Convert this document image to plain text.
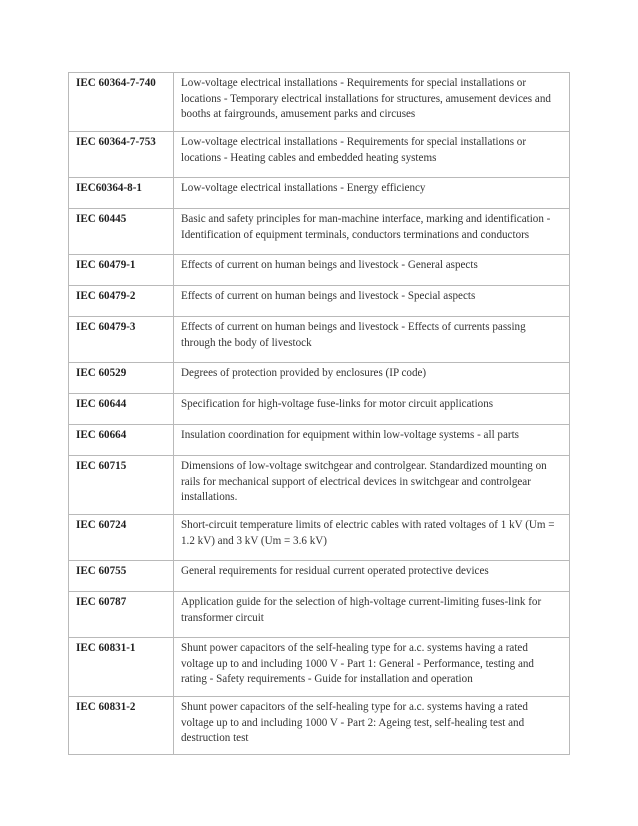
IEC 60364-7-740	Low-voltage electrical installations - Requirements for special installations or locations - Temporary electrical installations for structures, amusement devices and booths at fairgrounds, amusement parks and circuses

IEC 60364-7-753	Low-voltage electrical installations - Requirements for special installations or locations - Heating cables and embedded heating systems

IEC60364-8-1	Low-voltage electrical installations - Energy efficiency

IEC 60445	Basic and safety principles for man-machine interface, marking and identification - Identification of equipment terminals, conductors terminations and conductors

IEC 60479-1	Effects of current on human beings and livestock - General aspects

IEC 60479-2	Effects of current on human beings and livestock - Special aspects

IEC 60479-3	Effects of current on human beings and livestock - Effects of currents passing through the body of livestock

IEC 60529	Degrees of protection provided by enclosures (IP code)

IEC 60644	Specification for high-voltage fuse-links for motor circuit applications

IEC 60664	Insulation coordination for equipment within low-voltage systems - all parts

IEC 60715	Dimensions of low-voltage switchgear and controlgear. Standardized mounting on rails for mechanical support of electrical devices in switchgear and controlgear installations.

IEC 60724	Short-circuit temperature limits of electric cables with rated voltages of 1 kV (Um = 1.2 kV) and 3 kV (Um = 3.6 kV)

IEC 60755	General requirements for residual current operated protective devices

IEC 60787	Application guide for the selection of high-voltage current-limiting fuses-link for transformer circuit

IEC 60831-1	Shunt power capacitors of the self-healing type for a.c. systems having a rated voltage up to and including 1000 V - Part 1: General - Performance, testing and rating - Safety requirements - Guide for installation and operation

IEC 60831-2	Shunt power capacitors of the self-healing type for a.c. systems having a rated voltage up to and including 1000 V - Part 2: Ageing test, self-healing test and destruction test
